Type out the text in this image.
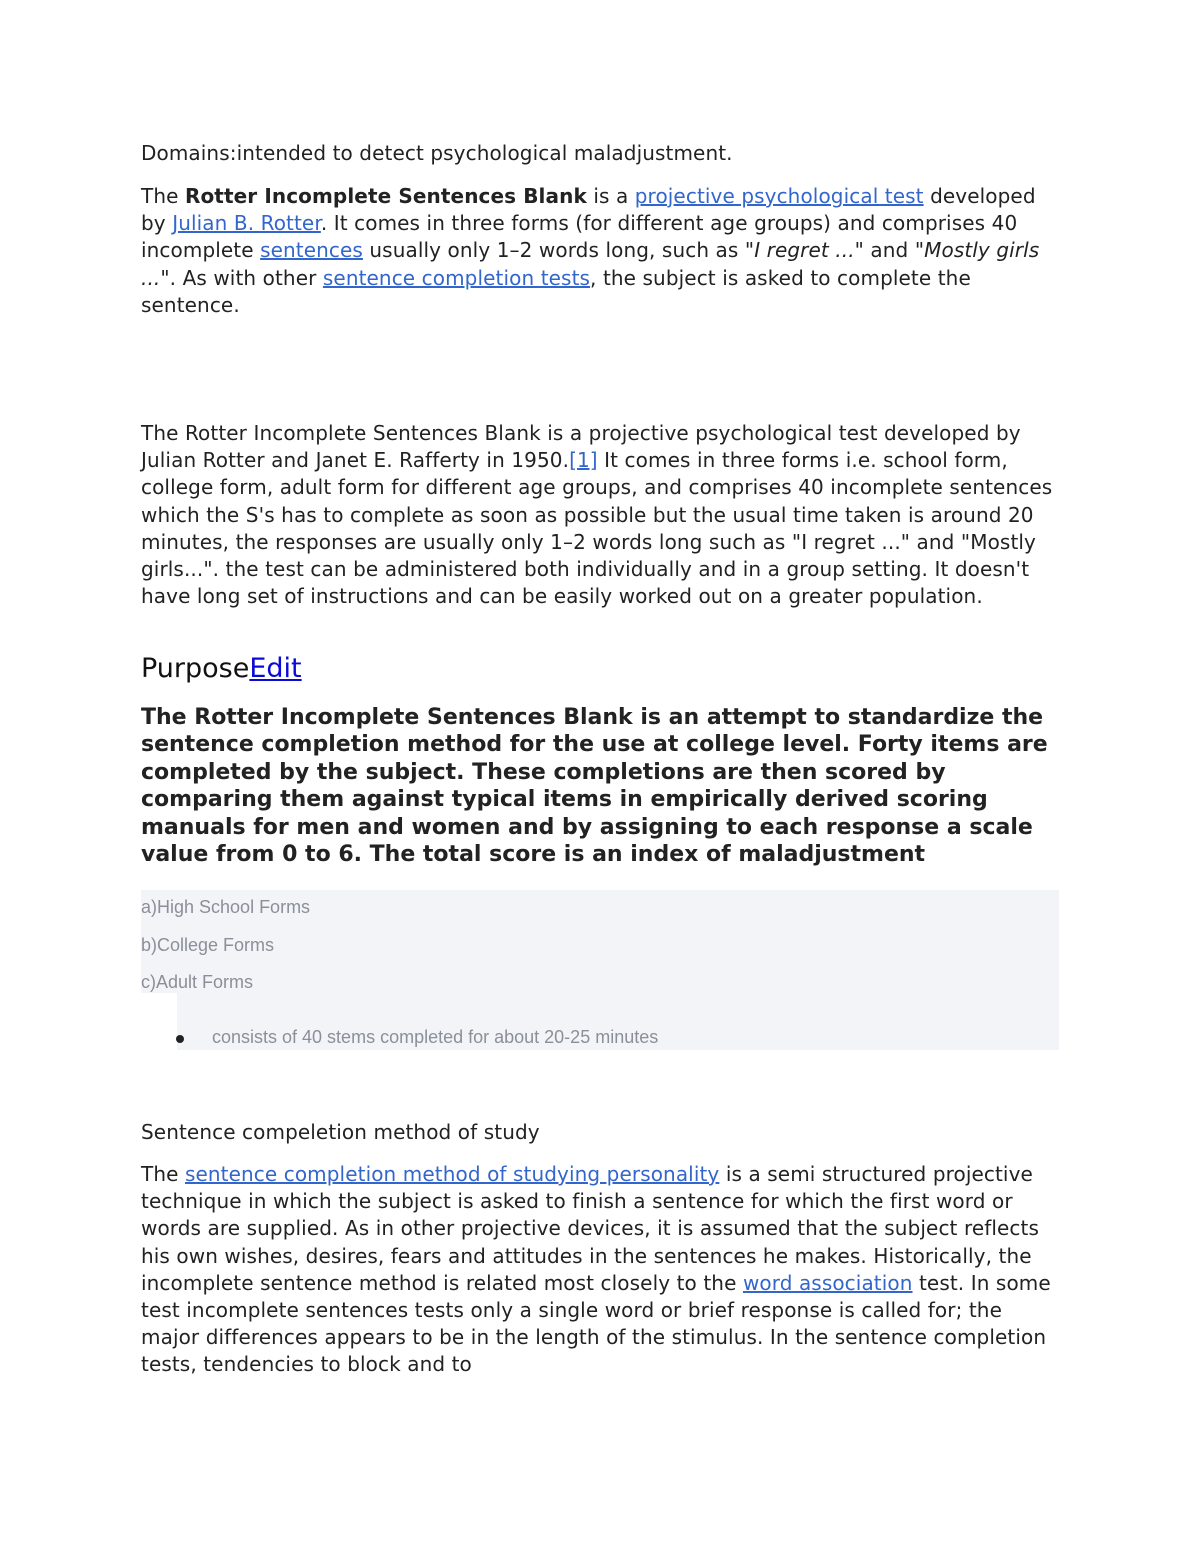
Domains:intended to detect psychological maladjustment.

The Rotter Incomplete Sentences Blank is a projective psychological test developed by Julian B. Rotter. It comes in three forms (for different age groups) and comprises 40 incomplete sentences usually only 1–2 words long, such as "I regret ..." and "Mostly girls ...". As with other sentence completion tests, the subject is asked to complete the sentence.

The Rotter Incomplete Sentences Blank is a projective psychological test developed by Julian Rotter and Janet E. Rafferty in 1950.[1] It comes in three forms i.e. school form, college form, adult form for different age groups, and comprises 40 incomplete sentences which the S's has to complete as soon as possible but the usual time taken is around 20 minutes, the responses are usually only 1–2 words long such as "I regret ..." and "Mostly girls...". the test can be administered both individually and in a group setting. It doesn't have long set of instructions and can be easily worked out on a greater population.

PurposeEdit

The Rotter Incomplete Sentences Blank is an attempt to standardize the sentence completion method for the use at college level. Forty items are completed by the subject. These completions are then scored by comparing them against typical items in empirically derived scoring manuals for men and women and by assigning to each response a scale value from 0 to 6. The total score is an index of maladjustment

a)High School Forms
b)College Forms
c)Adult Forms
consists of 40 stems completed for about 20-25 minutes

Sentence compeletion method of study

The sentence completion method of studying personality is a semi structured projective technique in which the subject is asked to finish a sentence for which the first word or words are supplied. As in other projective devices, it is assumed that the subject reflects his own wishes, desires, fears and attitudes in the sentences he makes. Historically, the incomplete sentence method is related most closely to the word association test. In some test incomplete sentences tests only a single word or brief response is called for; the major differences appears to be in the length of the stimulus. In the sentence completion tests, tendencies to block and to
